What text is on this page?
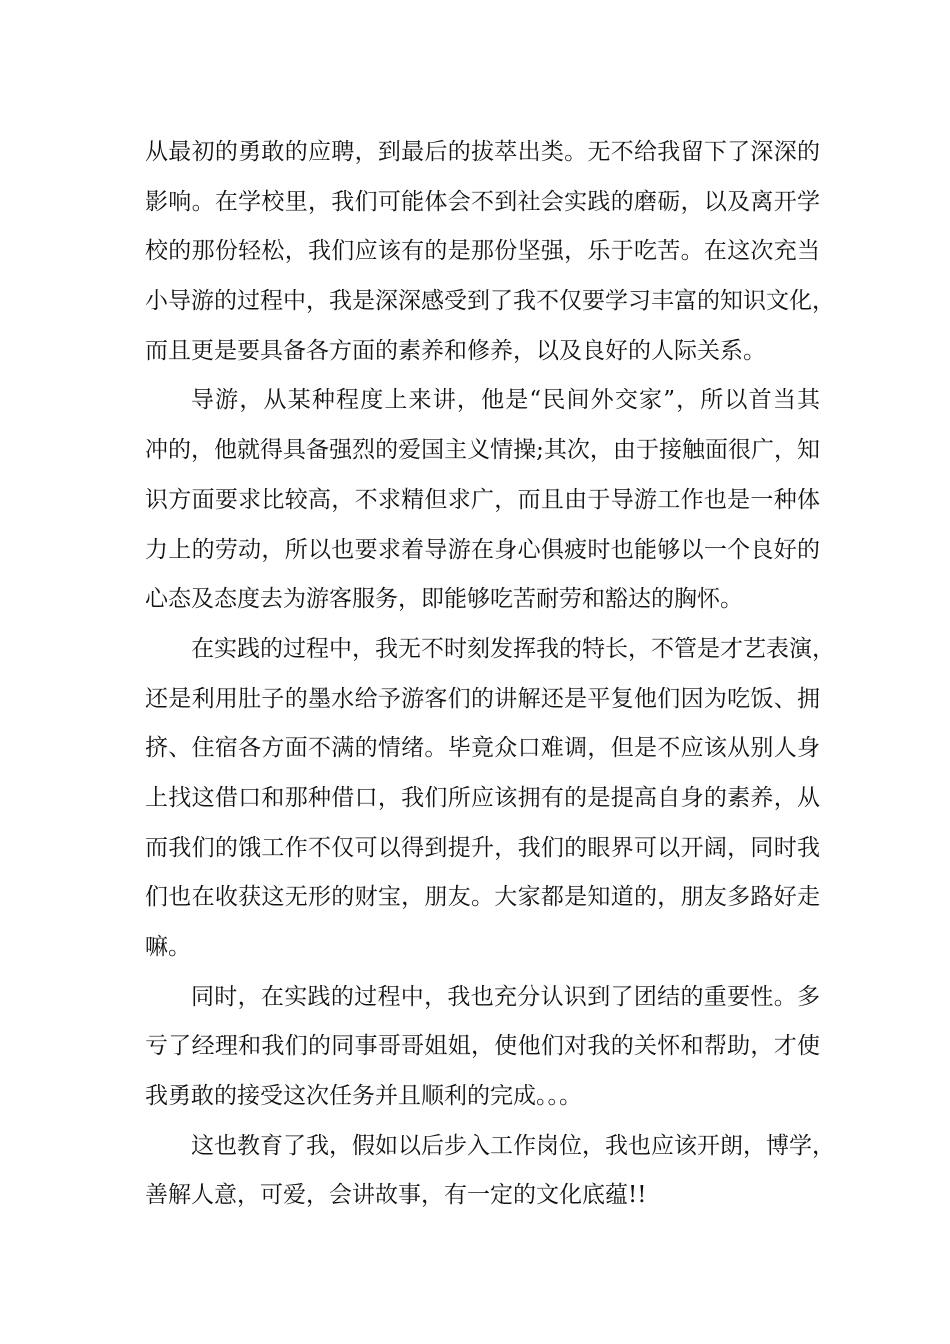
从最初的勇敢的应聘，到最后的拔萃出类。无不给我留下了深深的
影响。在学校里，我们可能体会不到社会实践的磨砺，以及离开学
校的那份轻松，我们应该有的是那份坚强，乐于吃苦。在这次充当
小导游的过程中，我是深深感受到了我不仅要学习丰富的知识文化，
而且更是要具备各方面的素养和修养，以及良好的人际关系。
导游，从某种程度上来讲，他是“民间外交家”，所以首当其
冲的，他就得具备强烈的爱国主义情操;其次，由于接触面很广，知
识方面要求比较高，不求精但求广，而且由于导游工作也是一种体
力上的劳动，所以也要求着导游在身心俱疲时也能够以一个良好的
心态及态度去为游客服务，即能够吃苦耐劳和豁达的胸怀。
在实践的过程中，我无不时刻发挥我的特长，不管是才艺表演，
还是利用肚子的墨水给予游客们的讲解还是平复他们因为吃饭、拥
挤、住宿各方面不满的情绪。毕竟众口难调，但是不应该从别人身
上找这借口和那种借口，我们所应该拥有的是提高自身的素养，从
而我们的饿工作不仅可以得到提升，我们的眼界可以开阔，同时我
们也在收获这无形的财宝，朋友。大家都是知道的，朋友多路好走
嘛。
同时，在实践的过程中，我也充分认识到了团结的重要性。多
亏了经理和我们的同事哥哥姐姐，使他们对我的关怀和帮助，才使
我勇敢的接受这次任务并且顺利的完成。。。
这也教育了我，假如以后步入工作岗位，我也应该开朗，博学，
善解人意，可爱，会讲故事，有一定的文化底蕴!!
